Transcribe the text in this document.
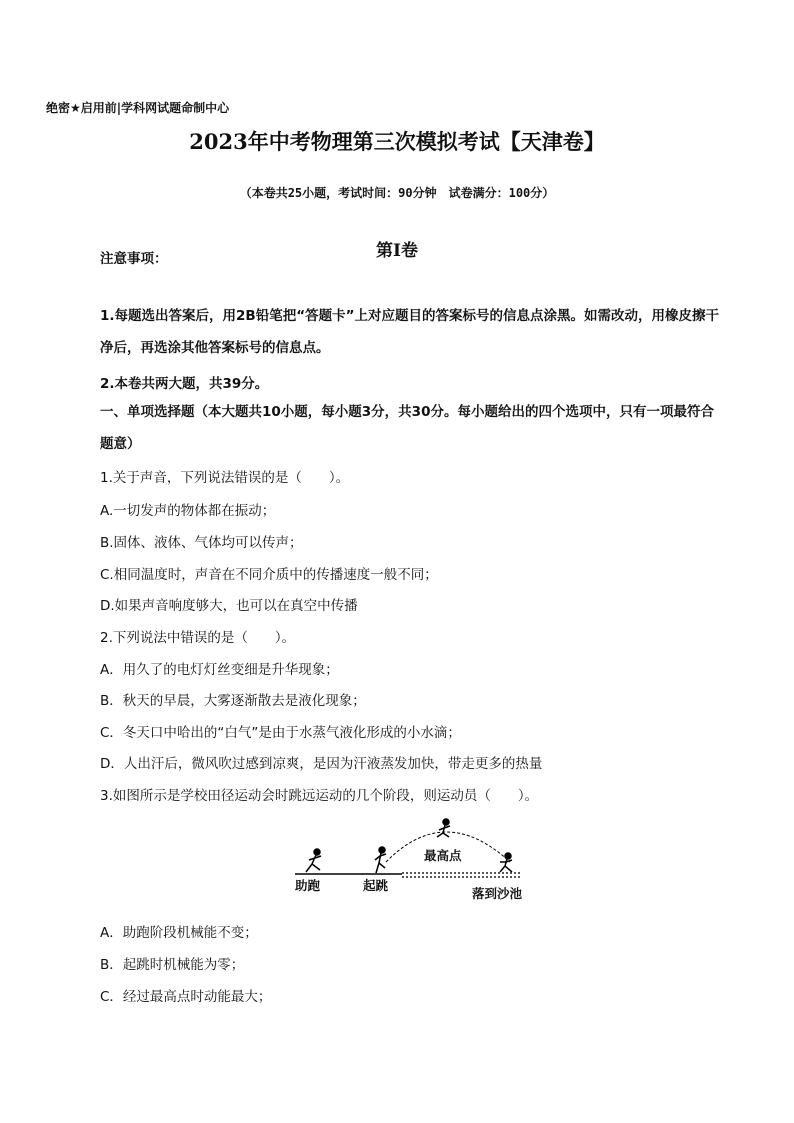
绝密★启用前|学科网试题命制中心
2023年中考物理第三次模拟考试【天津卷】
（本卷共25小题，考试时间：90分钟　试卷满分：100分）
第Ⅰ卷
注意事项：
1.每题选出答案后，用2B铅笔把“答题卡”上对应题目的答案标号的信息点涂黑。如需改动，用橡皮擦干净后，再选涂其他答案标号的信息点。
2.本卷共两大题，共39分。
一、单项选择题（本大题共10小题，每小题3分，共30分。每小题给出的四个选项中，只有一项最符合题意）
1.关于声音，下列说法错误的是（　　）。
A.一切发声的物体都在振动；
B.固体、液体、气体均可以传声；
C.相同温度时，声音在不同介质中的传播速度一般不同；
D.如果声音响度够大，也可以在真空中传播
2.下列说法中错误的是（　　）。
A．用久了的电灯灯丝变细是升华现象；
B．秋天的早晨，大雾逐渐散去是液化现象；
C．冬天口中哈出的“白气”是由于水蒸气液化形成的小水滴；
D．人出汗后，微风吹过感到凉爽，是因为汗液蒸发加快，带走更多的热量
3.如图所示是学校田径运动会时跳远运动的几个阶段，则运动员（　　）。
助跑	起跳
最高点
落到沙池
A．助跑阶段机械能不变；
B．起跳时机械能为零；
C．经过最高点时动能最大；
